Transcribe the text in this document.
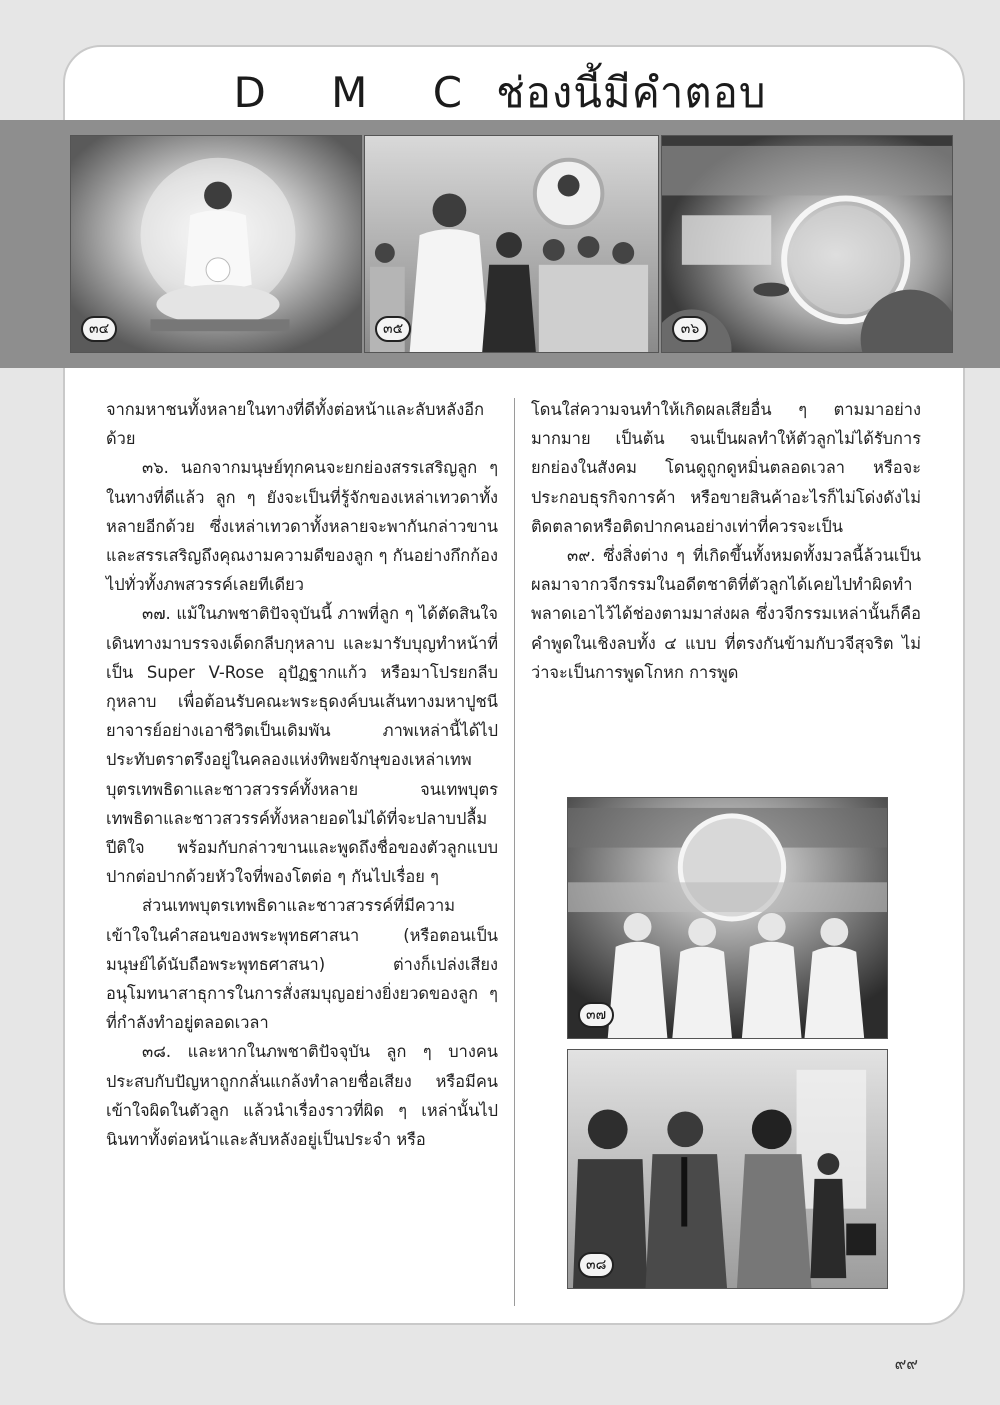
D M C ช่องนี้มีคำตอบ
๓๔	๓๕	๓๖

จากมหาชนทั้งหลายในทางที่ดีทั้งต่อหน้าและลับหลังอีกด้วย

๓๖. นอกจากมนุษย์ทุกคนจะยกย่องสรรเสริญลูก ๆ ในทางที่ดีแล้ว ลูก ๆ ยังจะเป็นที่รู้จักของเหล่าเทวดาทั้งหลายอีกด้วย ซึ่งเหล่าเทวดาทั้งหลายจะพากันกล่าวขานและสรรเสริญถึงคุณงามความดีของลูก ๆ กันอย่างกึกก้องไปทั่วทั้งภพสวรรค์เลยทีเดียว

๓๗. แม้ในภพชาติปัจจุบันนี้ ภาพที่ลูก ๆ ได้ตัดสินใจเดินทางมาบรรจงเด็ดกลีบกุหลาบ และมารับบุญทำหน้าที่เป็น Super V-Rose อุปัฏฐากแก้ว หรือมาโปรยกลีบกุหลาบ เพื่อต้อนรับคณะพระธุดงค์บนเส้นทางมหาปูชนียาจารย์อย่างเอาชีวิตเป็นเดิมพัน ภาพเหล่านี้ได้ไปประทับตราตรึงอยู่ในคลองแห่งทิพยจักษุของเหล่าเทพบุตรเทพธิดาและชาวสวรรค์ทั้งหลาย จนเทพบุตรเทพธิดาและชาวสวรรค์ทั้งหลายอดไม่ได้ที่จะปลาบปลื้มปีติใจ พร้อมกับกล่าวขานและพูดถึงชื่อของตัวลูกแบบปากต่อปากด้วยหัวใจที่พองโตต่อ ๆ กันไปเรื่อย ๆ

ส่วนเทพบุตรเทพธิดาและชาวสวรรค์ที่มีความเข้าใจในคำสอนของพระพุทธศาสนา (หรือตอนเป็นมนุษย์ได้นับถือพระพุทธศาสนา) ต่างก็เปล่งเสียงอนุโมทนาสาธุการในการสั่งสมบุญอย่างยิ่งยวดของลูก ๆ ที่กำลังทำอยู่ตลอดเวลา

๓๘. และหากในภพชาติปัจจุบัน ลูก ๆ บางคนประสบกับปัญหาถูกกลั่นแกล้งทำลายชื่อเสียง หรือมีคนเข้าใจผิดในตัวลูก แล้วนำเรื่องราวที่ผิด ๆ เหล่านั้นไปนินทาทั้งต่อหน้าและลับหลังอยู่เป็นประจำ หรือ

โดนใส่ความจนทำให้เกิดผลเสียอื่น ๆ ตามมาอย่างมากมาย เป็นต้น จนเป็นผลทำให้ตัวลูกไม่ได้รับการยกย่องในสังคม โดนดูถูกดูหมิ่นตลอดเวลา หรือจะประกอบธุรกิจการค้า หรือขายสินค้าอะไรก็ไม่โด่งดังไม่ติดตลาดหรือติดปากคนอย่างเท่าที่ควรจะเป็น

๓๙. ซึ่งสิ่งต่าง ๆ ที่เกิดขึ้นทั้งหมดทั้งมวลนี้ล้วนเป็นผลมาจากวจีกรรมในอดีตชาติที่ตัวลูกได้เคยไปทำผิดทำพลาดเอาไว้ได้ช่องตามมาส่งผล ซึ่งวจีกรรมเหล่านั้นก็คือคำพูดในเชิงลบทั้ง ๔ แบบ ที่ตรงกันข้ามกับวจีสุจริต ไม่ว่าจะเป็นการพูดโกหก การพูด

๓๗
๓๘
๙๙
